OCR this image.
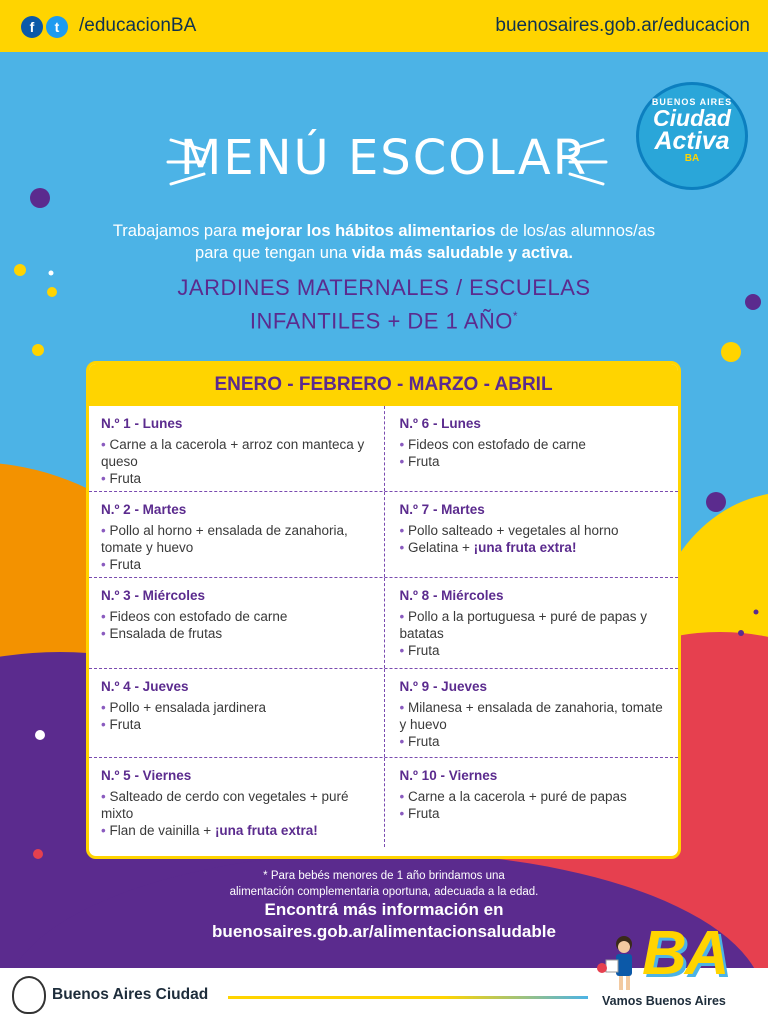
f	t	/educacionBA	buenosaires.gob.ar/educacion
BUENOS AIRES
Ciudad
Activa
BA
MENÚ ESCOLAR
Trabajamos para mejorar los hábitos alimentarios de los/as alumnos/as
para que tengan una vida más saludable y activa.
JARDINES MATERNALES / ESCUELAS
INFANTILES + DE 1 AÑO*
ENERO - FEBRERO - MARZO - ABRIL
N.º 1 - Lunes
• Carne a la cacerola + arroz con manteca y queso
• Fruta
N.º 6 - Lunes
• Fideos con estofado de carne
• Fruta
N.º 2 - Martes
• Pollo al horno + ensalada de zanahoria, tomate y huevo
• Fruta
N.º 7 - Martes
• Pollo salteado + vegetales al horno
• Gelatina + ¡una fruta extra!
N.º 3 - Miércoles
• Fideos con estofado de carne
• Ensalada de frutas
N.º 8 - Miércoles
• Pollo a la portuguesa + puré de papas y batatas
• Fruta
N.º 4 - Jueves
• Pollo + ensalada jardinera
• Fruta
N.º 9 - Jueves
• Milanesa + ensalada de zanahoria, tomate y huevo
• Fruta
N.º 5 - Viernes
• Salteado de cerdo con vegetales + puré mixto
• Flan de vainilla + ¡una fruta extra!
N.º 10 - Viernes
• Carne a la cacerola + puré de papas
• Fruta
* Para bebés menores de 1 año brindamos una
alimentación complementaria oportuna, adecuada a la edad.
Encontrá más información en
buenosaires.gob.ar/alimentacionsaludable
Buenos Aires Ciudad
BA
Vamos Buenos Aires
